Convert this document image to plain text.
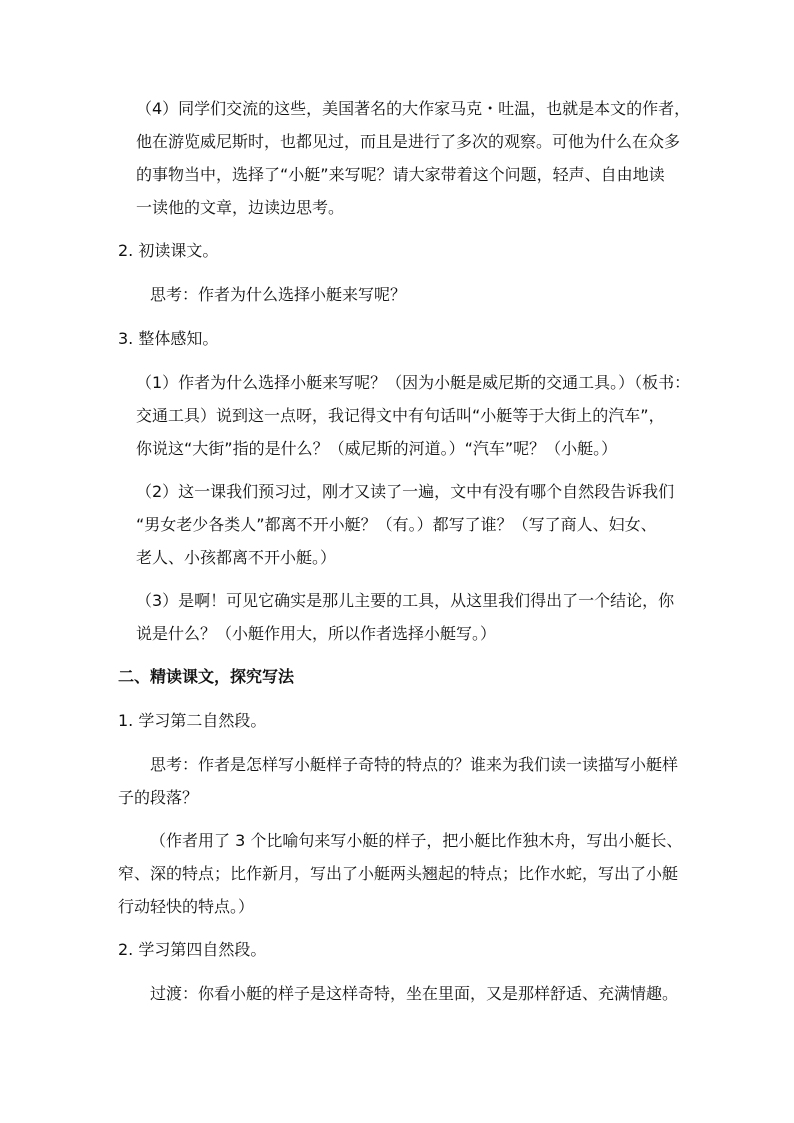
（4）同学们交流的这些，美国著名的大作家马克・吐温，也就是本文的作者，

他在游览威尼斯时，也都见过，而且是进行了多次的观察。可他为什么在众多

的事物当中，选择了“小艇”来写呢？请大家带着这个问题，轻声、自由地读

一读他的文章，边读边思考。

2. 初读课文。

思考：作者为什么选择小艇来写呢？

3. 整体感知。

（1）作者为什么选择小艇来写呢？（因为小艇是威尼斯的交通工具。）（板书：

交通工具）说到这一点呀，我记得文中有句话叫“小艇等于大街上的汽车”，

你说这“大街”指的是什么？（威尼斯的河道。）“汽车”呢？（小艇。）

（2）这一课我们预习过，刚才又读了一遍，文中有没有哪个自然段告诉我们

“男女老少各类人”都离不开小艇？（有。）都写了谁？（写了商人、妇女、

老人、小孩都离不开小艇。）

（3）是啊！可见它确实是那儿主要的工具，从这里我们得出了一个结论，你

说是什么？（小艇作用大，所以作者选择小艇写。）

二、精读课文，探究写法

1. 学习第二自然段。

思考：作者是怎样写小艇样子奇特的特点的？谁来为我们读一读描写小艇样

子的段落？

（作者用了 3 个比喻句来写小艇的样子，把小艇比作独木舟，写出小艇长、

窄、深的特点；比作新月，写出了小艇两头翘起的特点；比作水蛇，写出了小艇

行动轻快的特点。）

2. 学习第四自然段。

过渡：你看小艇的样子是这样奇特，坐在里面，又是那样舒适、充满情趣。
